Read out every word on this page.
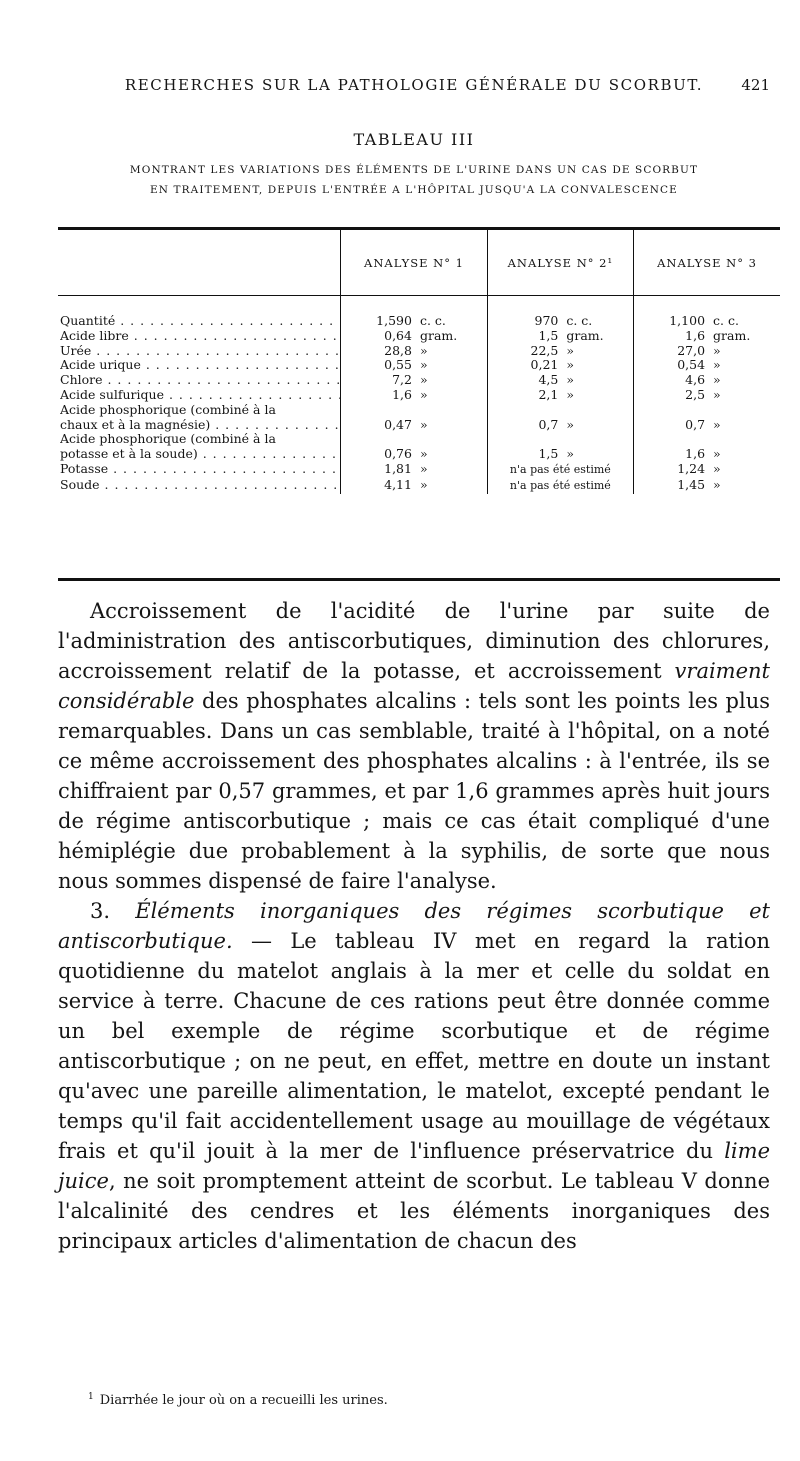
RECHERCHES SUR LA PATHOLOGIE GÉNÉRALE DU SCORBUT.	421
TABLEAU III
MONTRANT LES VARIATIONS DES ÉLÉMENTS DE L'URINE DANS UN CAS DE SCORBUT
EN TRAITEMENT, DEPUIS L'ENTRÉE A L'HÔPITAL JUSQU'A LA CONVALESCENCE
	ANALYSE N° 1	ANALYSE N° 2¹	ANALYSE N° 3

Quantité . . .	1,590 c. c.	970 c. c.	1,100 c. c.

Acide libre . . .	0,64 gram.	1,5 gram.	1,6 gram.

Urée . . .	28,8 »	22,5 »	27,0 »

Acide urique . . .	0,55 »	0,21 »	0,54 »

Chlore . . .	7,2 »	4,5 »	4,6 »

Acide sulfurique . . .	1,6 »	2,1 »	2,5 »

Acide phosphorique (combiné à la
chaux et à la magnésie) . . .	0,47 »	0,7 »	0,7 »

Acide phosphorique (combiné à la
potasse et à la soude) . . .	0,76 »	1,5 »	1,6 »

Potasse . . .	1,81 »	n'a pas été estimé	1,24 »

Soude . . .	4,11 »	n'a pas été estimé	1,45 »

Accroissement de l'acidité de l'urine par suite de l'administration des antiscorbutiques, diminution des chlorures, accroissement relatif de la potasse, et accroissement vraiment considérable des phosphates alcalins : tels sont les points les plus remarquables. Dans un cas semblable, traité à l'hôpital, on a noté ce même accroissement des phosphates alcalins : à l'entrée, ils se chiffraient par 0,57 grammes, et par 1,6 grammes après huit jours de régime antiscorbutique ; mais ce cas était compliqué d'une hémiplégie due probablement à la syphilis, de sorte que nous nous sommes dispensé de faire l'analyse.

3. Éléments inorganiques des régimes scorbutique et antiscorbutique. — Le tableau IV met en regard la ration quotidienne du matelot anglais à la mer et celle du soldat en service à terre. Chacune de ces rations peut être donnée comme un bel exemple de régime scorbutique et de régime antiscorbutique ; on ne peut, en effet, mettre en doute un instant qu'avec une pareille alimentation, le matelot, excepté pendant le temps qu'il fait accidentellement usage au mouillage de végétaux frais et qu'il jouit à la mer de l'influence préservatrice du lime juice, ne soit promptement atteint de scorbut. Le tableau V donne l'alcalinité des cendres et les éléments inorganiques des principaux articles d'alimentation de chacun des

$^1$ Diarrhée le jour où on a recueilli les urines.
